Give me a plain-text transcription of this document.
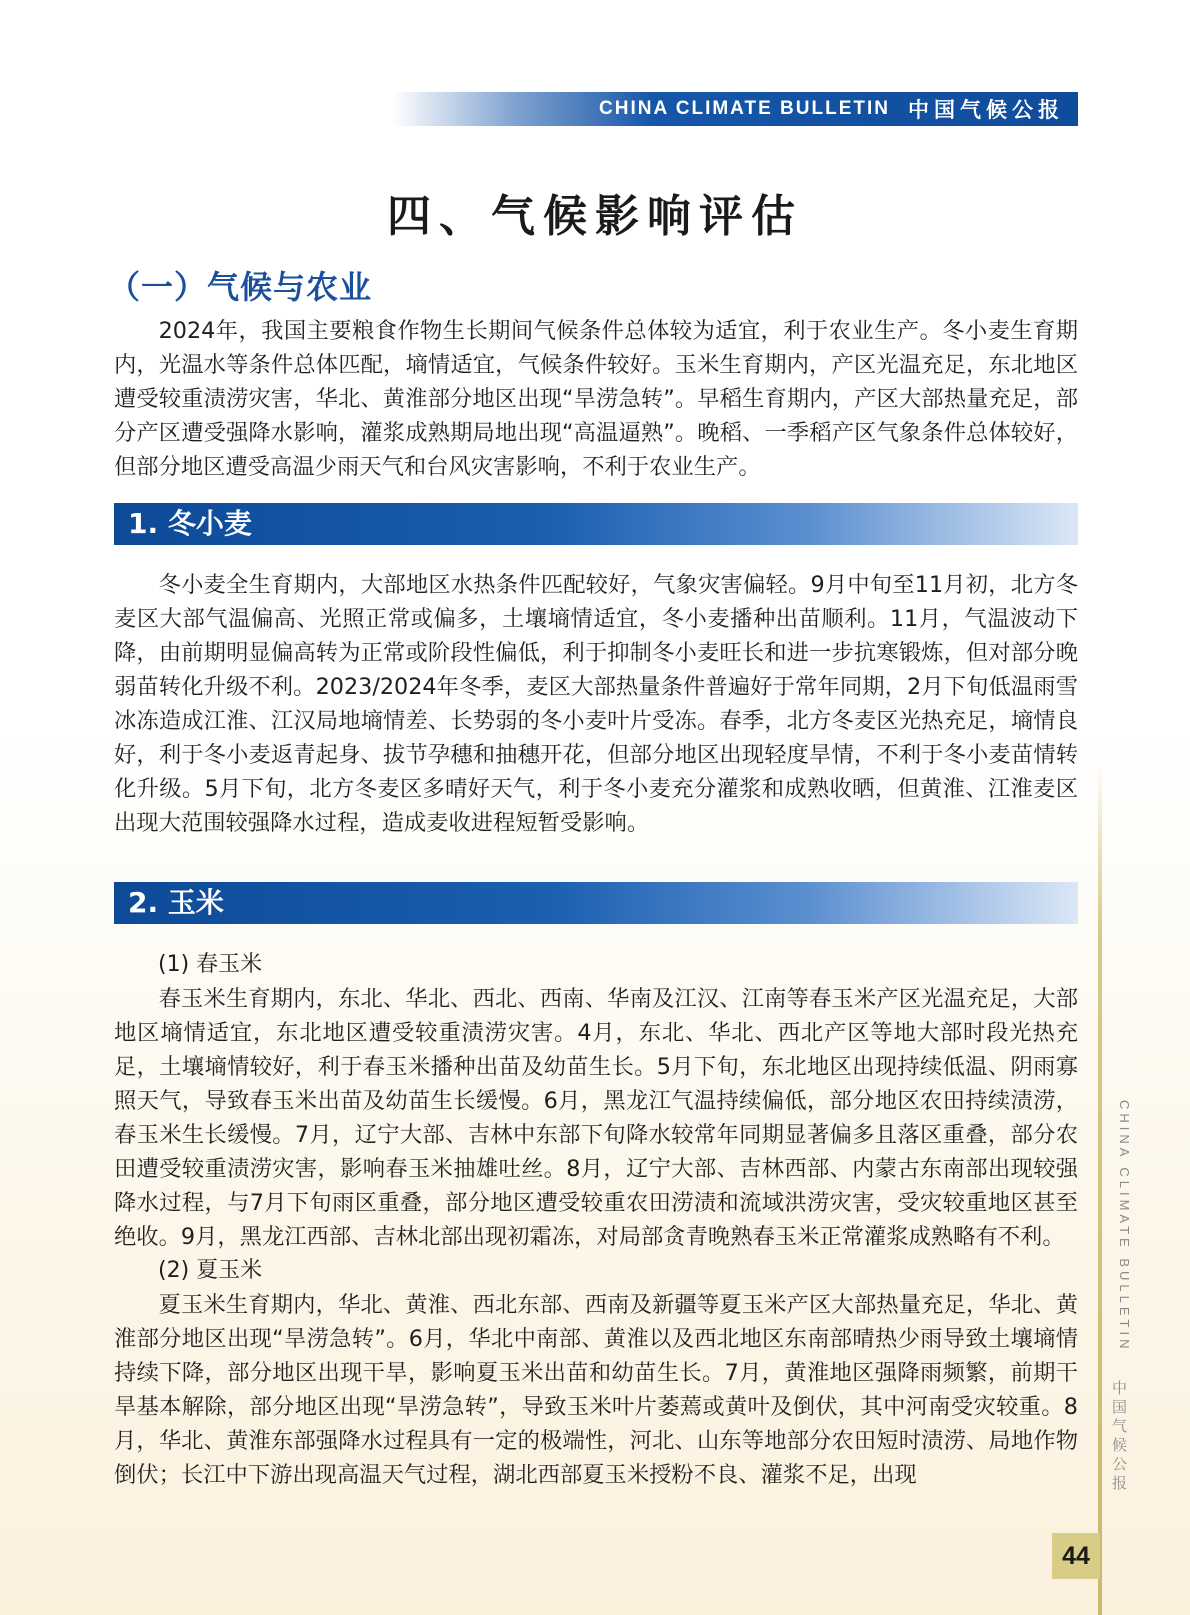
CHINA CLIMATE BULLETIN 中国气候公报
四、气候影响评估
（一）气候与农业

2024年，我国主要粮食作物生长期间气候条件总体较为适宜，利于农业生产。冬小麦生育期内，光温水等条件总体匹配，墒情适宜，气候条件较好。玉米生育期内，产区光温充足，东北地区遭受较重渍涝灾害，华北、黄淮部分地区出现“旱涝急转”。早稻生育期内，产区大部热量充足，部分产区遭受强降水影响，灌浆成熟期局地出现“高温逼熟”。晚稻、一季稻产区气象条件总体较好，但部分地区遭受高温少雨天气和台风灾害影响，不利于农业生产。

1. 冬小麦

冬小麦全生育期内，大部地区水热条件匹配较好，气象灾害偏轻。9月中旬至11月初，北方冬麦区大部气温偏高、光照正常或偏多，土壤墒情适宜，冬小麦播种出苗顺利。11月，气温波动下降，由前期明显偏高转为正常或阶段性偏低，利于抑制冬小麦旺长和进一步抗寒锻炼，但对部分晚弱苗转化升级不利。2023/2024年冬季，麦区大部热量条件普遍好于常年同期，2月下旬低温雨雪冰冻造成江淮、江汉局地墒情差、长势弱的冬小麦叶片受冻。春季，北方冬麦区光热充足，墒情良好，利于冬小麦返青起身、拔节孕穗和抽穗开花，但部分地区出现轻度旱情，不利于冬小麦苗情转化升级。5月下旬，北方冬麦区多晴好天气，利于冬小麦充分灌浆和成熟收晒，但黄淮、江淮麦区出现大范围较强降水过程，造成麦收进程短暂受影响。

2. 玉米

(1) 春玉米

春玉米生育期内，东北、华北、西北、西南、华南及江汉、江南等春玉米产区光温充足，大部地区墒情适宜，东北地区遭受较重渍涝灾害。4月，东北、华北、西北产区等地大部时段光热充足，土壤墒情较好，利于春玉米播种出苗及幼苗生长。5月下旬，东北地区出现持续低温、阴雨寡照天气，导致春玉米出苗及幼苗生长缓慢。6月，黑龙江气温持续偏低，部分地区农田持续渍涝，春玉米生长缓慢。7月，辽宁大部、吉林中东部下旬降水较常年同期显著偏多且落区重叠，部分农田遭受较重渍涝灾害，影响春玉米抽雄吐丝。8月，辽宁大部、吉林西部、内蒙古东南部出现较强降水过程，与7月下旬雨区重叠，部分地区遭受较重农田涝渍和流域洪涝灾害，受灾较重地区甚至绝收。9月，黑龙江西部、吉林北部出现初霜冻，对局部贪青晚熟春玉米正常灌浆成熟略有不利。

(2) 夏玉米

夏玉米生育期内，华北、黄淮、西北东部、西南及新疆等夏玉米产区大部热量充足，华北、黄淮部分地区出现“旱涝急转”。6月，华北中南部、黄淮以及西北地区东南部晴热少雨导致土壤墒情持续下降，部分地区出现干旱，影响夏玉米出苗和幼苗生长。7月，黄淮地区强降雨频繁，前期干旱基本解除，部分地区出现“旱涝急转”，导致玉米叶片萎蔫或黄叶及倒伏，其中河南受灾较重。8月，华北、黄淮东部强降水过程具有一定的极端性，河北、山东等地部分农田短时渍涝、局地作物倒伏；长江中下游出现高温天气过程，湖北西部夏玉米授粉不良、灌浆不足，出现

CHINA CLIMATE BULLETIN
中国气候公报
44
